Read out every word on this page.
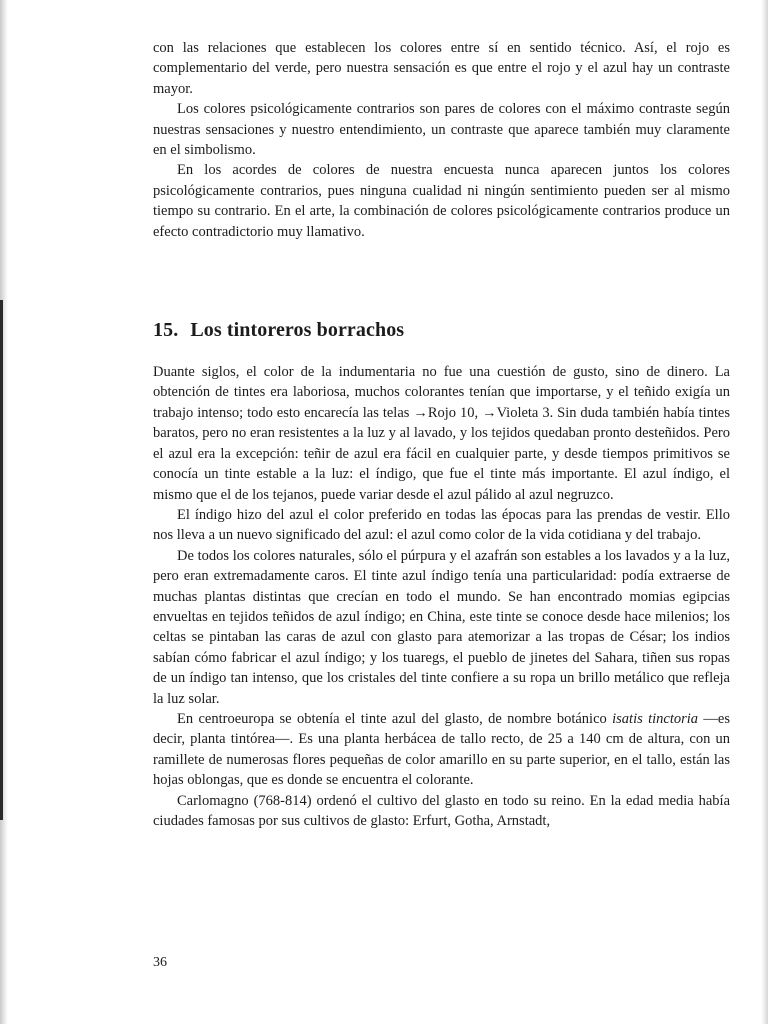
con las relaciones que establecen los colores entre sí en sentido técnico. Así, el rojo es complementario del verde, pero nuestra sensación es que entre el rojo y el azul hay un contraste mayor.

Los colores psicológicamente contrarios son pares de colores con el máximo contraste según nuestras sensaciones y nuestro entendimiento, un contraste que aparece también muy claramente en el simbolismo.

En los acordes de colores de nuestra encuesta nunca aparecen juntos los colores psicológicamente contrarios, pues ninguna cualidad ni ningún sentimiento pueden ser al mismo tiempo su contrario. En el arte, la combinación de colores psicológicamente contrarios produce un efecto contradictorio muy llamativo.

15. Los tintoreros borrachos

Duante siglos, el color de la indumentaria no fue una cuestión de gusto, sino de dinero. La obtención de tintes era laboriosa, muchos colorantes tenían que importarse, y el teñido exigía un trabajo intenso; todo esto encarecía las telas →Rojo 10, →Violeta 3. Sin duda también había tintes baratos, pero no eran resistentes a la luz y al lavado, y los tejidos quedaban pronto desteñidos. Pero el azul era la excepción: teñir de azul era fácil en cualquier parte, y desde tiempos primitivos se conocía un tinte estable a la luz: el índigo, que fue el tinte más importante. El azul índigo, el mismo que el de los tejanos, puede variar desde el azul pálido al azul negruzco.

El índigo hizo del azul el color preferido en todas las épocas para las prendas de vestir. Ello nos lleva a un nuevo significado del azul: el azul como color de la vida cotidiana y del trabajo.

De todos los colores naturales, sólo el púrpura y el azafrán son estables a los lavados y a la luz, pero eran extremadamente caros. El tinte azul índigo tenía una particularidad: podía extraerse de muchas plantas distintas que crecían en todo el mundo. Se han encontrado momias egipcias envueltas en tejidos teñidos de azul índigo; en China, este tinte se conoce desde hace milenios; los celtas se pintaban las caras de azul con glasto para atemorizar a las tropas de César; los indios sabían cómo fabricar el azul índigo; y los tuaregs, el pueblo de jinetes del Sahara, tiñen sus ropas de un índigo tan intenso, que los cristales del tinte confiere a su ropa un brillo metálico que refleja la luz solar.

En centroeuropa se obtenía el tinte azul del glasto, de nombre botánico isatis tinctoria —es decir, planta tintórea—. Es una planta herbácea de tallo recto, de 25 a 140 cm de altura, con un ramillete de numerosas flores pequeñas de color amarillo en su parte superior, en el tallo, están las hojas oblongas, que es donde se encuentra el colorante.

Carlomagno (768-814) ordenó el cultivo del glasto en todo su reino. En la edad media había ciudades famosas por sus cultivos de glasto: Erfurt, Gotha, Arnstadt,

36
